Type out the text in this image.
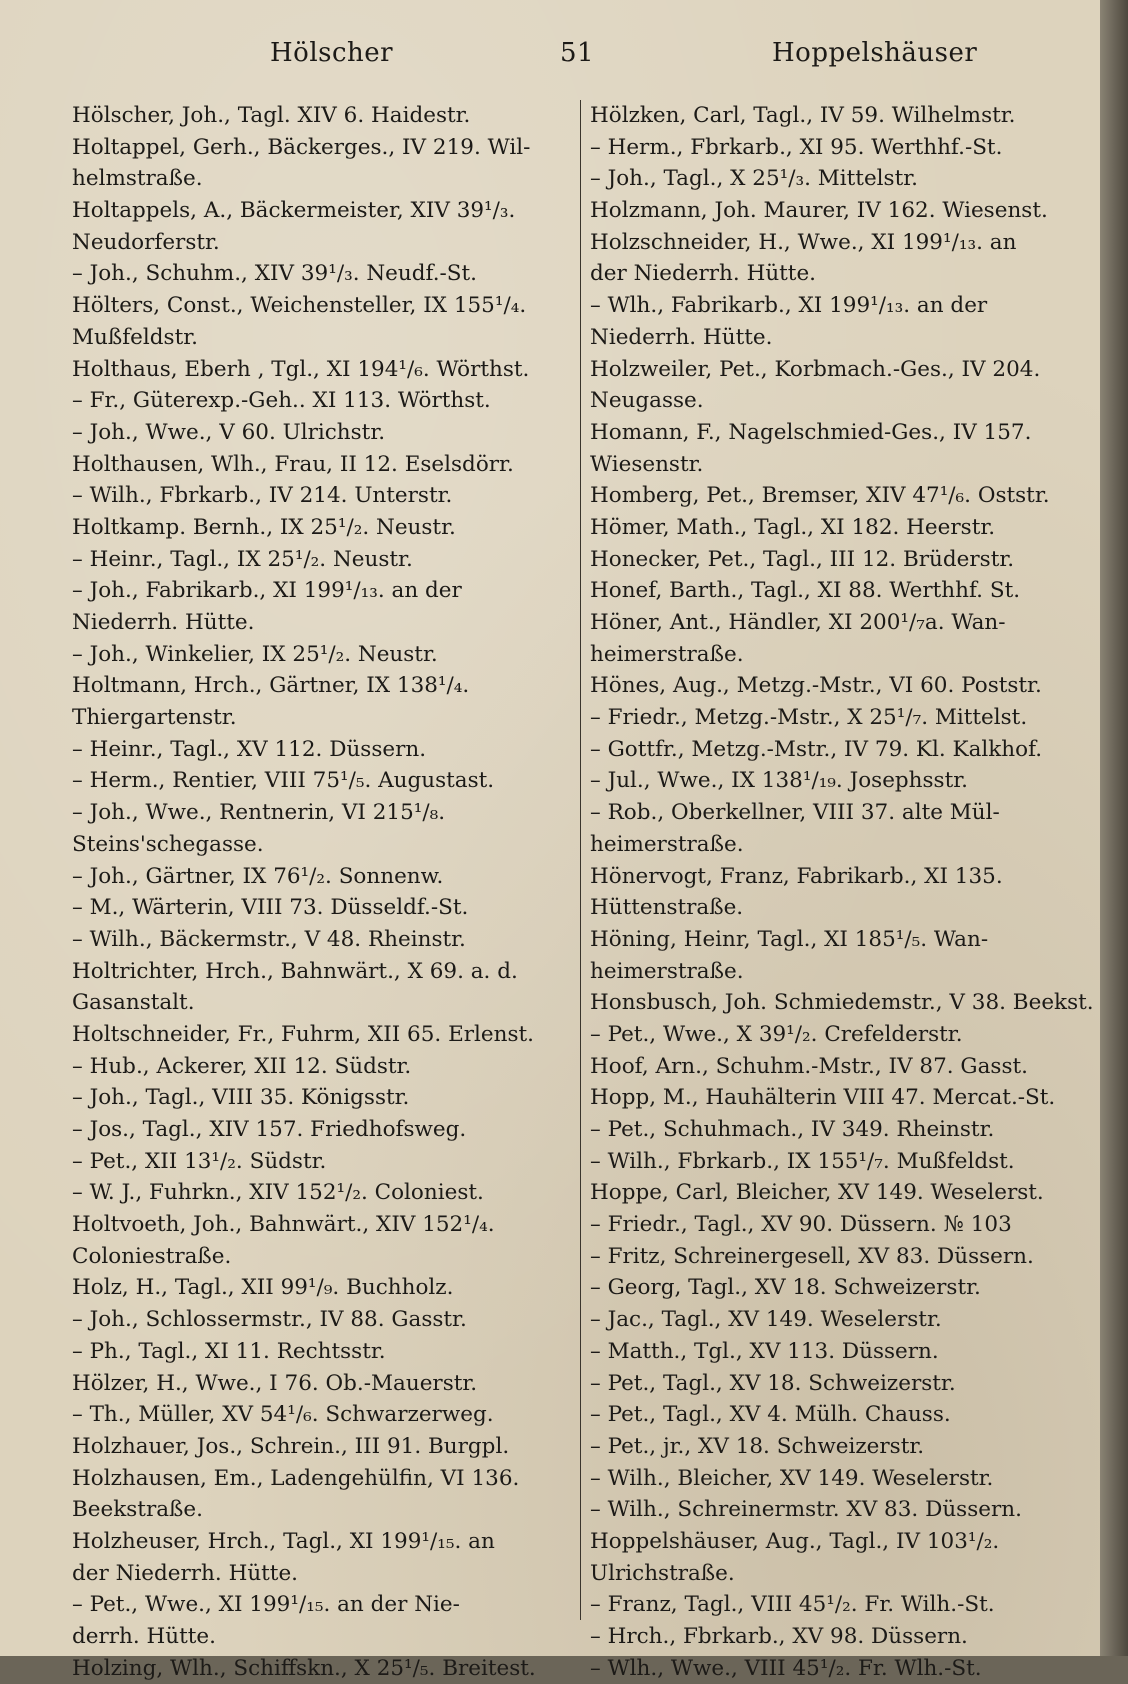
Hölscher	51	Hoppelshäuser
Hölscher, Joh., Tagl. XIV 6. Haidestr.
Holtappel, Gerh., Bäckerges., IV 219. Wil-
helmstraße.
Holtappels, A., Bäckermeister, XIV 39¹/₃.
Neudorferstr.
– Joh., Schuhm., XIV 39¹/₃. Neudf.-St.
Hölters, Const., Weichensteller, IX 155¹/₄.
Mußfeldstr.
Holthaus, Eberh , Tgl., XI 194¹/₆. Wörthst.
– Fr., Güterexp.-Geh.. XI 113. Wörthst.
– Joh., Wwe., V 60. Ulrichstr.
Holthausen, Wlh., Frau, II 12. Eselsdörr.
– Wilh., Fbrkarb., IV 214. Unterstr.
Holtkamp. Bernh., IX 25¹/₂. Neustr.
– Heinr., Tagl., IX 25¹/₂. Neustr.
– Joh., Fabrikarb., XI 199¹/₁₃. an der
Niederrh. Hütte.
– Joh., Winkelier, IX 25¹/₂. Neustr.
Holtmann, Hrch., Gärtner, IX 138¹/₄.
Thiergartenstr.
– Heinr., Tagl., XV 112. Düssern.
– Herm., Rentier, VIII 75¹/₅. Augustast.
– Joh., Wwe., Rentnerin, VI 215¹/₈.
Steins'schegasse.
– Joh., Gärtner, IX 76¹/₂. Sonnenw.
– M., Wärterin, VIII 73. Düsseldf.-St.
– Wilh., Bäckermstr., V 48. Rheinstr.
Holtrichter, Hrch., Bahnwärt., X 69. a. d.
Gasanstalt.
Holtschneider, Fr., Fuhrm, XII 65. Erlenst.
– Hub., Ackerer, XII 12. Südstr.
– Joh., Tagl., VIII 35. Königsstr.
– Jos., Tagl., XIV 157. Friedhofsweg.
– Pet., XII 13¹/₂. Südstr.
– W. J., Fuhrkn., XIV 152¹/₂. Coloniest.
Holtvoeth, Joh., Bahnwärt., XIV 152¹/₄.
Coloniestraße.
Holz, H., Tagl., XII 99¹/₉. Buchholz.
– Joh., Schlossermstr., IV 88. Gasstr.
– Ph., Tagl., XI 11. Rechtsstr.
Hölzer, H., Wwe., I 76. Ob.-Mauerstr.
– Th., Müller, XV 54¹/₆. Schwarzerweg.
Holzhauer, Jos., Schrein., III 91. Burgpl.
Holzhausen, Em., Ladengehülfin, VI 136.
Beekstraße.
Holzheuser, Hrch., Tagl., XI 199¹/₁₅. an
der Niederrh. Hütte.
– Pet., Wwe., XI 199¹/₁₅. an der Nie-
derrh. Hütte.
Holzing, Wlh., Schiffskn., X 25¹/₅. Breitest.
Hölzken, Carl, Tagl., IV 59. Wilhelmstr.
– Herm., Fbrkarb., XI 95. Werthhf.-St.
– Joh., Tagl., X 25¹/₃. Mittelstr.
Holzmann, Joh. Maurer, IV 162. Wiesenst.
Holzschneider, H., Wwe., XI 199¹/₁₃. an
der Niederrh. Hütte.
– Wlh., Fabrikarb., XI 199¹/₁₃. an der
Niederrh. Hütte.
Holzweiler, Pet., Korbmach.-Ges., IV 204.
Neugasse.
Homann, F., Nagelschmied-Ges., IV 157.
Wiesenstr.
Homberg, Pet., Bremser, XIV 47¹/₆. Oststr.
Hömer, Math., Tagl., XI 182. Heerstr.
Honecker, Pet., Tagl., III 12. Brüderstr.
Honef, Barth., Tagl., XI 88. Werthhf. St.
Höner, Ant., Händler, XI 200¹/₇a. Wan-
heimerstraße.
Hönes, Aug., Metzg.-Mstr., VI 60. Poststr.
– Friedr., Metzg.-Mstr., X 25¹/₇. Mittelst.
– Gottfr., Metzg.-Mstr., IV 79. Kl. Kalkhof.
– Jul., Wwe., IX 138¹/₁₉. Josephsstr.
– Rob., Oberkellner, VIII 37. alte Mül-
heimerstraße.
Hönervogt, Franz, Fabrikarb., XI 135.
Hüttenstraße.
Höning, Heinr, Tagl., XI 185¹/₅. Wan-
heimerstraße.
Honsbusch, Joh. Schmiedemstr., V 38. Beekst.
– Pet., Wwe., X 39¹/₂. Crefelderstr.
Hoof, Arn., Schuhm.-Mstr., IV 87. Gasst.
Hopp, M., Hauhälterin VIII 47. Mercat.-St.
– Pet., Schuhmach., IV 349. Rheinstr.
– Wilh., Fbrkarb., IX 155¹/₇. Mußfeldst.
Hoppe, Carl, Bleicher, XV 149. Weselerst.
– Friedr., Tagl., XV 90. Düssern. № 103
– Fritz, Schreinergesell, XV 83. Düssern.
– Georg, Tagl., XV 18. Schweizerstr.
– Jac., Tagl., XV 149. Weselerstr.
– Matth., Tgl., XV 113. Düssern.
– Pet., Tagl., XV 18. Schweizerstr.
– Pet., Tagl., XV 4. Mülh. Chauss.
– Pet., jr., XV 18. Schweizerstr.
– Wilh., Bleicher, XV 149. Weselerstr.
– Wilh., Schreinermstr. XV 83. Düssern.
Hoppelshäuser, Aug., Tagl., IV 103¹/₂.
Ulrichstraße.
– Franz, Tagl., VIII 45¹/₂. Fr. Wilh.-St.
– Hrch., Fbrkarb., XV 98. Düssern.
– Wlh., Wwe., VIII 45¹/₂. Fr. Wlh.-St.
